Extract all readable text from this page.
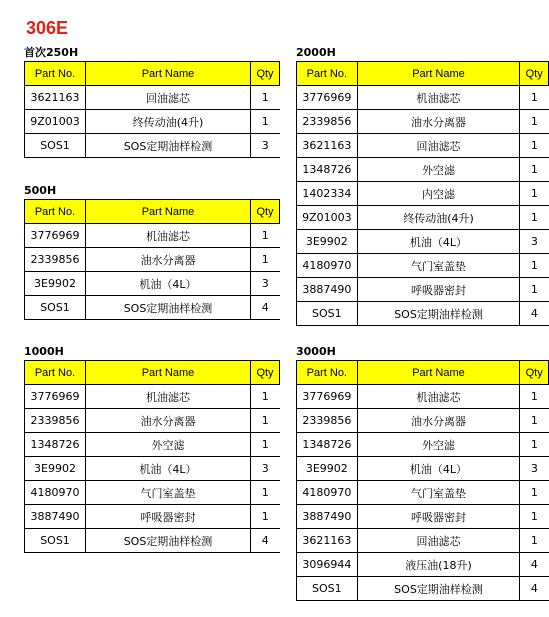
306E
首次250H
Part No.	Part Name	Qty
3621163	回油滤芯	1
9Z01003	终传动油(4升)	1
SOS1	SOS定期油样检测	3
500H
Part No.	Part Name	Qty
3776969	机油滤芯	1
2339856	油水分离器	1
3E9902	机油（4L）	3
SOS1	SOS定期油样检测	4
1000H
Part No.	Part Name	Qty
3776969	机油滤芯	1
2339856	油水分离器	1
1348726	外空滤	1
3E9902	机油（4L）	3
4180970	气门室盖垫	1
3887490	呼吸器密封	1
SOS1	SOS定期油样检测	4
2000H
Part No.	Part Name	Qty
3776969	机油滤芯	1
2339856	油水分离器	1
3621163	回油滤芯	1
1348726	外空滤	1
1402334	内空滤	1
9Z01003	终传动油(4升)	1
3E9902	机油（4L）	3
4180970	气门室盖垫	1
3887490	呼吸器密封	1
SOS1	SOS定期油样检测	4
3000H
Part No.	Part Name	Qty
3776969	机油滤芯	1
2339856	油水分离器	1
1348726	外空滤	1
3E9902	机油（4L）	3
4180970	气门室盖垫	1
3887490	呼吸器密封	1
3621163	回油滤芯	1
3096944	液压油(18升)	4
SOS1	SOS定期油样检测	4
